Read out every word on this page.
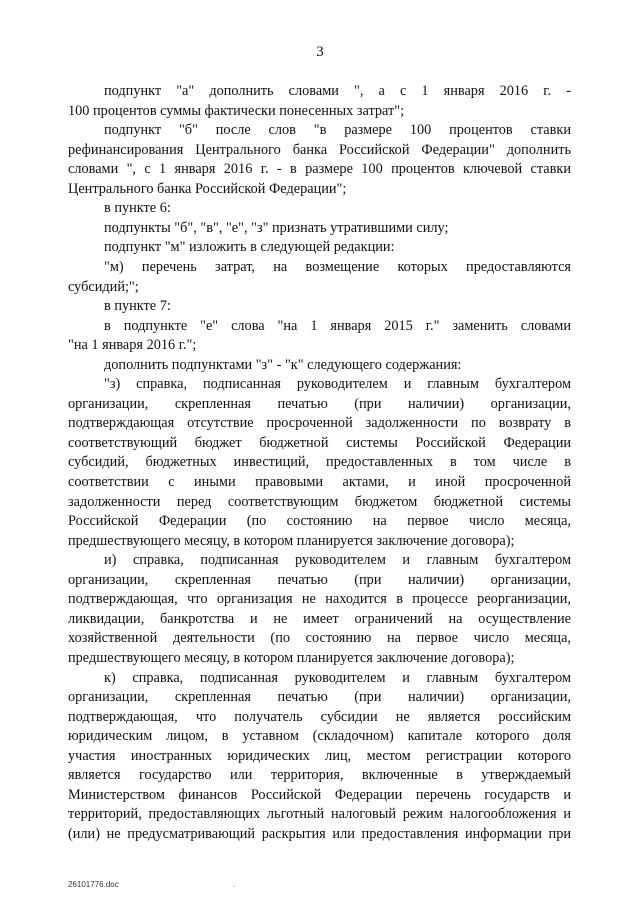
3
подпункт "а" дополнить словами ", а с 1 января 2016 г. -
100 процентов суммы фактически понесенных затрат";
подпункт "б" после слов "в размере 100 процентов ставки
рефинансирования Центрального банка Российской Федерации" дополнить
словами ", с 1 января 2016 г. - в размере 100 процентов ключевой ставки
Центрального банка Российской Федерации";
в пункте 6:
подпункты "б", "в", "е", "з" признать утратившими силу;
подпункт "м" изложить в следующей редакции:
"м) перечень затрат, на возмещение которых предоставляются
субсидий;";
в пункте 7:
в подпункте "е" слова "на 1 января 2015 г." заменить словами
"на 1 января 2016 г.";
дополнить подпунктами "з" - "к" следующего содержания:
"з) справка, подписанная руководителем и главным бухгалтером
организации, скрепленная печатью (при наличии) организации,
подтверждающая отсутствие просроченной задолженности по возврату в
соответствующий бюджет бюджетной системы Российской Федерации
субсидий, бюджетных инвестиций, предоставленных в том числе в
соответствии с иными правовыми актами, и иной просроченной
задолженности перед соответствующим бюджетом бюджетной системы
Российской Федерации (по состоянию на первое число месяца,
предшествующего месяцу, в котором планируется заключение договора);
и) справка, подписанная руководителем и главным бухгалтером
организации, скрепленная печатью (при наличии) организации,
подтверждающая, что организация не находится в процессе реорганизации,
ликвидации, банкротства и не имеет ограничений на осуществление
хозяйственной деятельности (по состоянию на первое число месяца,
предшествующего месяцу, в котором планируется заключение договора);
к) справка, подписанная руководителем и главным бухгалтером
организации, скрепленная печатью (при наличии) организации,
подтверждающая, что получатель субсидии не является российским
юридическим лицом, в уставном (складочном) капитале которого доля
участия иностранных юридических лиц, местом регистрации которого
является государство или территория, включенные в утверждаемый
Министерством финансов Российской Федерации перечень государств и
территорий, предоставляющих льготный налоговый режим налогообложения и
(или) не предусматривающий раскрытия или предоставления информации при
26101776.doc	.
